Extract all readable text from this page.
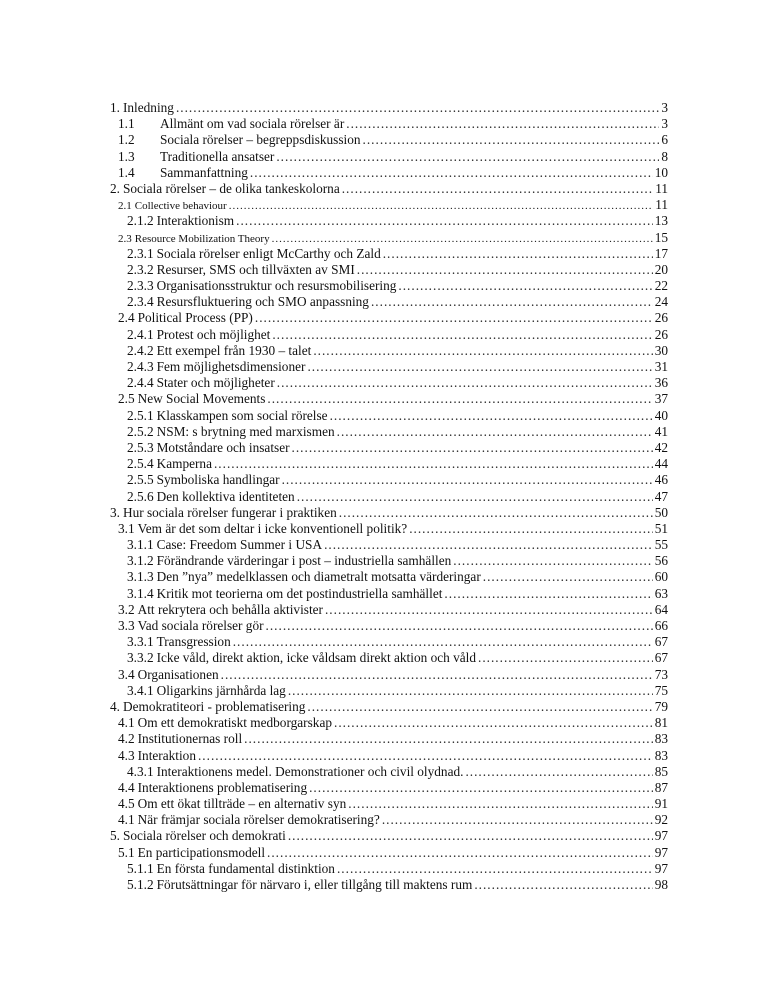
1. Inledning .....	3
1.1	Allmänt om vad sociala rörelser är .....	3
1.2	Sociala rörelser – begreppsdiskussion .....	6
1.3	Traditionella ansatser .....	8
1.4	Sammanfattning .....	10
2. Sociala rörelser – de olika tankeskolorna .....	11
2.1 Collective behaviour .....	11
2.1.2 Interaktionism .....	13
2.3 Resource Mobilization Theory .....	15
2.3.1 Sociala rörelser enligt McCarthy och Zald .....	17
2.3.2 Resurser, SMS och tillväxten av SMI .....	20
2.3.3 Organisationsstruktur och resursmobilisering .....	22
2.3.4 Resursfluktuering och SMO anpassning .....	24
2.4 Political Process (PP) .....	26
2.4.1 Protest och möjlighet .....	26
2.4.2 Ett exempel från 1930 – talet .....	30
2.4.3 Fem möjlighetsdimensioner .....	31
2.4.4 Stater och möjligheter .....	36
2.5 New Social Movements .....	37
2.5.1 Klasskampen som social rörelse .....	40
2.5.2 NSM: s brytning med marxismen .....	41
2.5.3 Motståndare och insatser .....	42
2.5.4 Kamperna .....	44
2.5.5 Symboliska handlingar .....	46
2.5.6 Den kollektiva identiteten .....	47
3. Hur sociala rörelser fungerar i praktiken .....	50
3.1 Vem är det som deltar i icke konventionell politik? .....	51
3.1.1 Case: Freedom Summer i USA .....	55
3.1.2 Förändrande värderingar i post – industriella samhällen .....	56
3.1.3 Den ”nya” medelklassen och diametralt motsatta värderingar .....	60
3.1.4 Kritik mot teorierna om det postindustriella samhället .....	63
3.2 Att rekrytera och behålla aktivister .....	64
3.3 Vad sociala rörelser gör .....	66
3.3.1 Transgression .....	67
3.3.2 Icke våld, direkt aktion, icke våldsam direkt aktion och våld .....	67
3.4 Organisationen .....	73
3.4.1 Oligarkins järnhårda lag .....	75
4. Demokratiteori - problematisering .....	79
4.1 Om ett demokratiskt medborgarskap .....	81
4.2 Institutionernas roll .....	83
4.3 Interaktion .....	83
4.3.1 Interaktionens medel. Demonstrationer och civil olydnad. .....	85
4.4 Interaktionens problematisering .....	87
4.5 Om ett ökat tillträde – en alternativ syn .....	91
4.1 När främjar sociala rörelser demokratisering? .....	92
5. Sociala rörelser och demokrati .....	97
5.1 En participationsmodell .....	97
5.1.1 En första fundamental distinktion .....	97
5.1.2 Förutsättningar för närvaro i, eller tillgång till maktens rum .....	98
